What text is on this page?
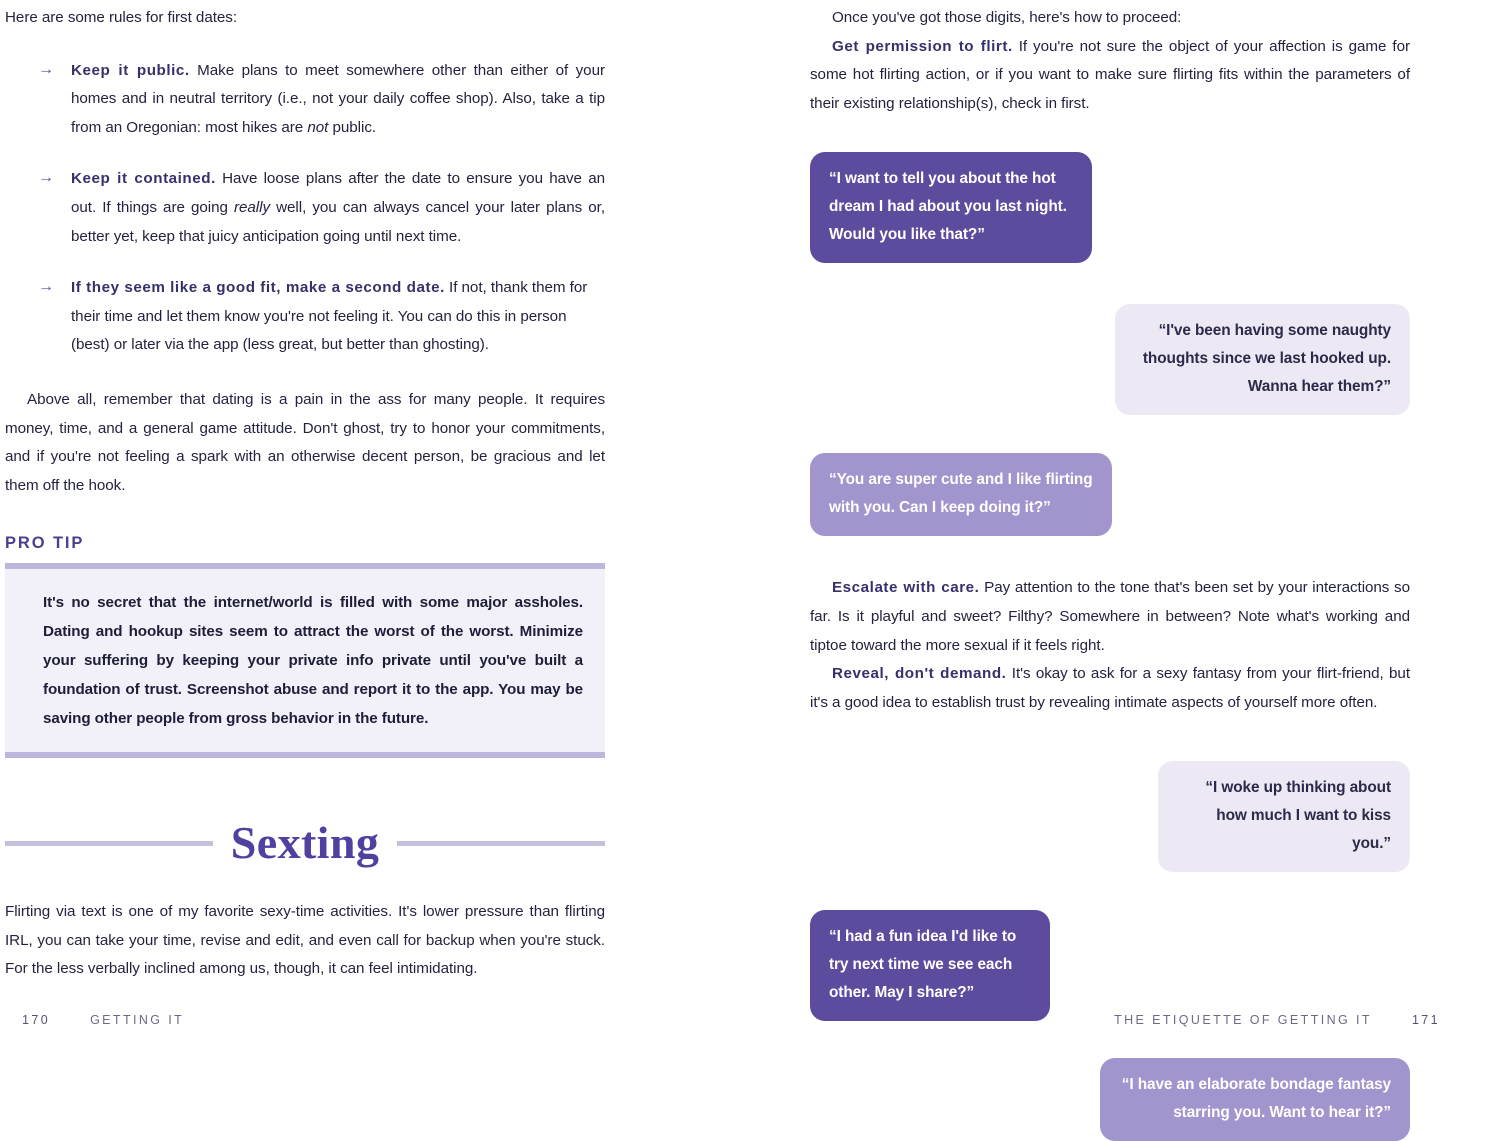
Here are some rules for first dates:

→ Keep it public. Make plans to meet somewhere other than either of your homes and in neutral territory (i.e., not your daily coffee shop). Also, take a tip from an Oregonian: most hikes are not public.
→ Keep it contained. Have loose plans after the date to ensure you have an out. If things are going really well, you can always cancel your later plans or, better yet, keep that juicy anticipation going until next time.
→ If they seem like a good fit, make a second date. If not, thank them for their time and let them know you're not feeling it. You can do this in person (best) or later via the app (less great, but better than ghosting).

Above all, remember that dating is a pain in the ass for many people. It requires money, time, and a general game attitude. Don't ghost, try to honor your commitments, and if you're not feeling a spark with an otherwise decent person, be gracious and let them off the hook.

PRO TIP

It's no secret that the internet/world is filled with some major assholes. Dating and hookup sites seem to attract the worst of the worst. Minimize your suffering by keeping your private info private until you've built a foundation of trust. Screenshot abuse and report it to the app. You may be saving other people from gross behavior in the future.

Sexting

Flirting via text is one of my favorite sexy-time activities. It's lower pressure than flirting IRL, you can take your time, revise and edit, and even call for backup when you're stuck. For the less verbally inclined among us, though, it can feel intimidating.

170	GETTING IT

Once you've got those digits, here's how to proceed:

Get permission to flirt. If you're not sure the object of your affection is game for some hot flirting action, or if you want to make sure flirting fits within the parameters of their existing relationship(s), check in first.

“I want to tell you about the hot dream I had about you last night. Would you like that?”
“I've been having some naughty thoughts since we last hooked up. Wanna hear them?”
“You are super cute and I like flirting with you. Can I keep doing it?”

Escalate with care. Pay attention to the tone that's been set by your interactions so far. Is it playful and sweet? Filthy? Somewhere in between? Note what's working and tiptoe toward the more sexual if it feels right.

Reveal, don't demand. It's okay to ask for a sexy fantasy from your flirt-friend, but it's a good idea to establish trust by revealing intimate aspects of yourself more often.

“I woke up thinking about how much I want to kiss you.”
“I had a fun idea I'd like to try next time we see each other. May I share?”
“I have an elaborate bondage fantasy starring you. Want to hear it?”
THE ETIQUETTE OF GETTING IT	171
